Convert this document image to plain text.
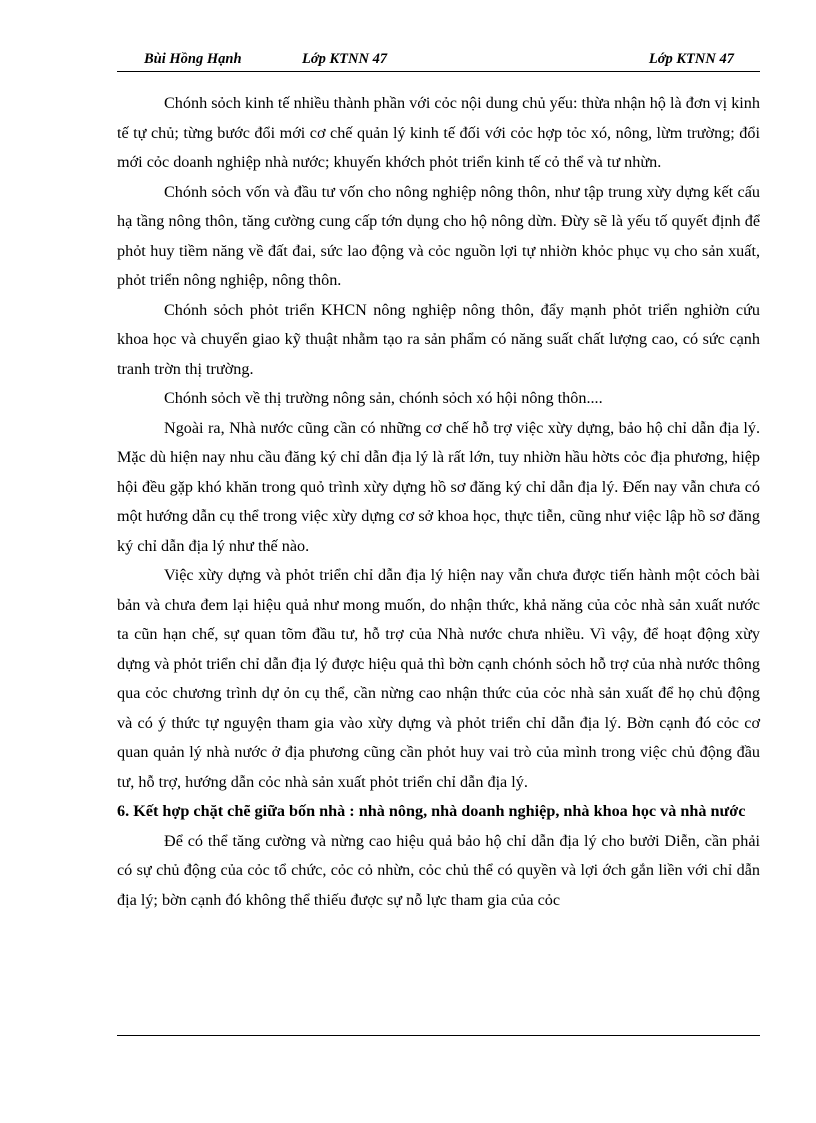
Bùi Hồng Hạnh	Lớp KTNN 47	Lớp KTNN 47

Chónh sỏch kinh tế nhiều thành phần với cỏc nội dung chủ yếu: thừa nhận hộ là đơn vị kinh tế tự chủ; từng bước đổi mới cơ chế quản lý kinh tế đối với cỏc hợp tỏc xó, nông, lừm trường; đổi mới cỏc doanh nghiệp nhà nước; khuyến khớch phỏt triển kinh tế cỏ thể và tư nhừn.

Chónh sỏch vốn và đầu tư vốn cho nông nghiệp nông thôn, như tập trung xừy dựng kết cấu hạ tầng nông thôn, tăng cường cung cấp tớn dụng cho hộ nông dừn. Đừy sẽ là yếu tố quyết định để phỏt huy tiềm năng về đất đai, sức lao động và cỏc nguồn lợi tự nhiờn khỏc phục vụ cho sản xuất, phỏt triển nông nghiệp, nông thôn.

Chónh sỏch phỏt triển KHCN nông nghiệp nông thôn, đẩy mạnh phỏt triển nghiờn cứu khoa học và chuyển giao kỹ thuật nhằm tạo ra sản phẩm có năng suất chất lượng cao, có sức cạnh tranh trờn thị trường.

Chónh sỏch về thị trường nông sản, chónh sỏch xó hội nông thôn....

Ngoài ra, Nhà nước cũng cần có những cơ chế hỗ trợ việc xừy dựng, bảo hộ chỉ dẫn địa lý. Mặc dù hiện nay nhu cầu đăng ký chỉ dẫn địa lý là rất lớn, tuy nhiờn hầu hờts cỏc địa phương, hiệp hội đều gặp khó khăn trong quỏ trình xừy dựng hồ sơ đăng ký chỉ dẫn địa lý. Đến nay vẫn chưa có một hướng dẫn cụ thể trong việc xừy dựng cơ sở khoa học, thực tiễn, cũng như việc lập hồ sơ đăng ký chỉ dẫn địa lý như thế nào.

Việc xừy dựng và phỏt triển chỉ dẫn địa lý hiện nay vẫn chưa được tiến hành một cỏch bài bản và chưa đem lại hiệu quả như mong muốn, do nhận thức, khả năng của cỏc nhà sản xuất nước ta cũn hạn chế, sự quan tõm đầu tư, hỗ trợ của Nhà nước chưa nhiều. Vì vậy, để hoạt động xừy dựng và phỏt triển chỉ dẫn địa lý được hiệu quả thì bờn cạnh chónh sỏch hỗ trợ của nhà nước thông qua cỏc chương trình dự ỏn cụ thể, cần nừng cao nhận thức của cỏc nhà sản xuất để họ chủ động và có ý thức tự nguyện tham gia vào xừy dựng và phỏt triển chỉ dẫn địa lý. Bờn cạnh đó cỏc cơ quan quản lý nhà nước ở địa phương cũng cần phỏt huy vai trò của mình trong việc chủ động đầu tư, hỗ trợ, hướng dẫn cỏc nhà sản xuất phỏt triển chỉ dẫn địa lý.

6. Kết hợp chặt chẽ giữa bốn nhà : nhà nông, nhà doanh nghiệp, nhà khoa học và nhà nước

Để có thể tăng cường và nừng cao hiệu quả bảo hộ chỉ dẫn địa lý cho bưởi Diễn, cần phải có sự chủ động của cỏc tổ chức, cỏc cỏ nhừn, cỏc chủ thể có quyền và lợi ớch gắn liền với chỉ dẫn địa lý; bờn cạnh đó không thể thiếu được sự nỗ lực tham gia của cỏc
